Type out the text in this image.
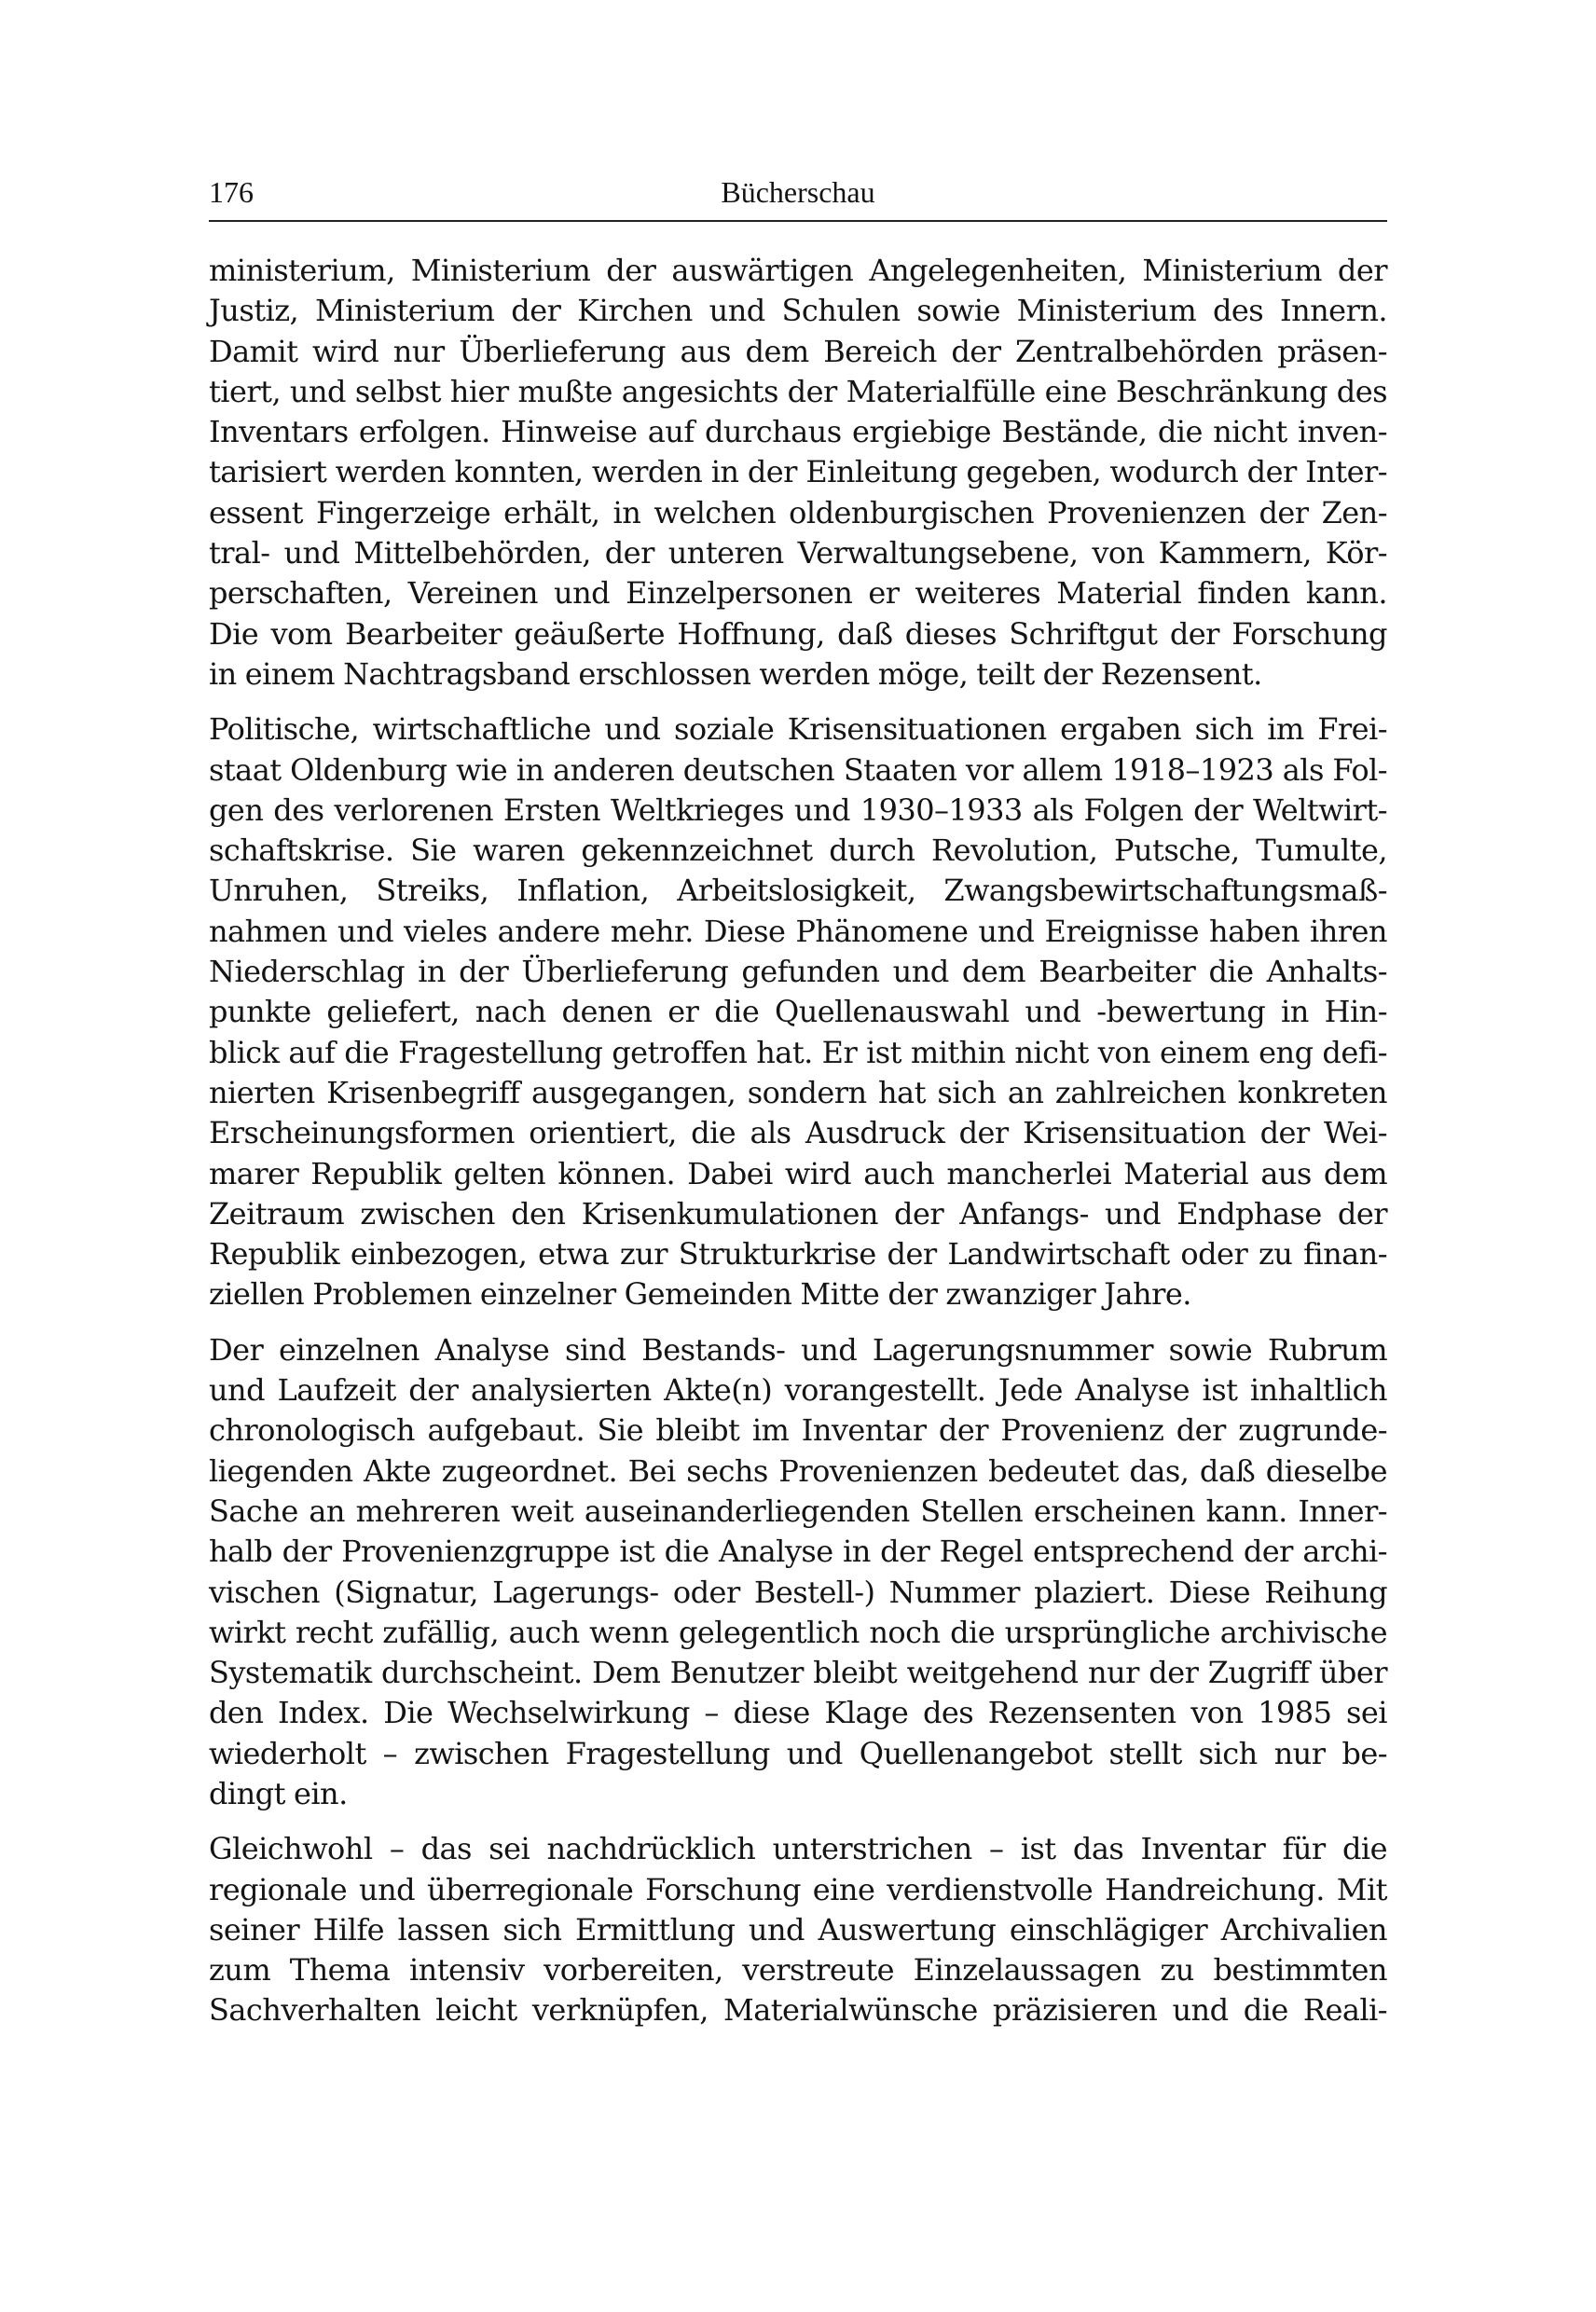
176	Bücherschau

ministerium, Ministerium der auswärtigen Angelegenheiten, Ministerium der
Justiz, Ministerium der Kirchen und Schulen sowie Ministerium des Innern.
Damit wird nur Überlieferung aus dem Bereich der Zentralbehörden präsen-
tiert, und selbst hier mußte angesichts der Materialfülle eine Beschränkung des
Inventars erfolgen. Hinweise auf durchaus ergiebige Bestände, die nicht inven-
tarisiert werden konnten, werden in der Einleitung gegeben, wodurch der Inter-
essent Fingerzeige erhält, in welchen oldenburgischen Provenienzen der Zen-
tral- und Mittelbehörden, der unteren Verwaltungsebene, von Kammern, Kör-
perschaften, Vereinen und Einzelpersonen er weiteres Material finden kann.
Die vom Bearbeiter geäußerte Hoffnung, daß dieses Schriftgut der Forschung
in einem Nachtragsband erschlossen werden möge, teilt der Rezensent.

Politische, wirtschaftliche und soziale Krisensituationen ergaben sich im Frei-
staat Oldenburg wie in anderen deutschen Staaten vor allem 1918–1923 als Fol-
gen des verlorenen Ersten Weltkrieges und 1930–1933 als Folgen der Weltwirt-
schaftskrise. Sie waren gekennzeichnet durch Revolution, Putsche, Tumulte,
Unruhen, Streiks, Inflation, Arbeitslosigkeit, Zwangsbewirtschaftungsmaß-
nahmen und vieles andere mehr. Diese Phänomene und Ereignisse haben ihren
Niederschlag in der Überlieferung gefunden und dem Bearbeiter die Anhalts-
punkte geliefert, nach denen er die Quellenauswahl und -bewertung in Hin-
blick auf die Fragestellung getroffen hat. Er ist mithin nicht von einem eng defi-
nierten Krisenbegriff ausgegangen, sondern hat sich an zahlreichen konkreten
Erscheinungsformen orientiert, die als Ausdruck der Krisensituation der Wei-
marer Republik gelten können. Dabei wird auch mancherlei Material aus dem
Zeitraum zwischen den Krisenkumulationen der Anfangs- und Endphase der
Republik einbezogen, etwa zur Strukturkrise der Landwirtschaft oder zu finan-
ziellen Problemen einzelner Gemeinden Mitte der zwanziger Jahre.

Der einzelnen Analyse sind Bestands- und Lagerungsnummer sowie Rubrum
und Laufzeit der analysierten Akte(n) vorangestellt. Jede Analyse ist inhaltlich
chronologisch aufgebaut. Sie bleibt im Inventar der Provenienz der zugrunde-
liegenden Akte zugeordnet. Bei sechs Provenienzen bedeutet das, daß dieselbe
Sache an mehreren weit auseinanderliegenden Stellen erscheinen kann. Inner-
halb der Provenienzgruppe ist die Analyse in der Regel entsprechend der archi-
vischen (Signatur, Lagerungs- oder Bestell-) Nummer plaziert. Diese Reihung
wirkt recht zufällig, auch wenn gelegentlich noch die ursprüngliche archivische
Systematik durchscheint. Dem Benutzer bleibt weitgehend nur der Zugriff über
den Index. Die Wechselwirkung – diese Klage des Rezensenten von 1985 sei
wiederholt – zwischen Fragestellung und Quellenangebot stellt sich nur be-
dingt ein.

Gleichwohl – das sei nachdrücklich unterstrichen – ist das Inventar für die
regionale und überregionale Forschung eine verdienstvolle Handreichung. Mit
seiner Hilfe lassen sich Ermittlung und Auswertung einschlägiger Archivalien
zum Thema intensiv vorbereiten, verstreute Einzelaussagen zu bestimmten
Sachverhalten leicht verknüpfen, Materialwünsche präzisieren und die Reali-
